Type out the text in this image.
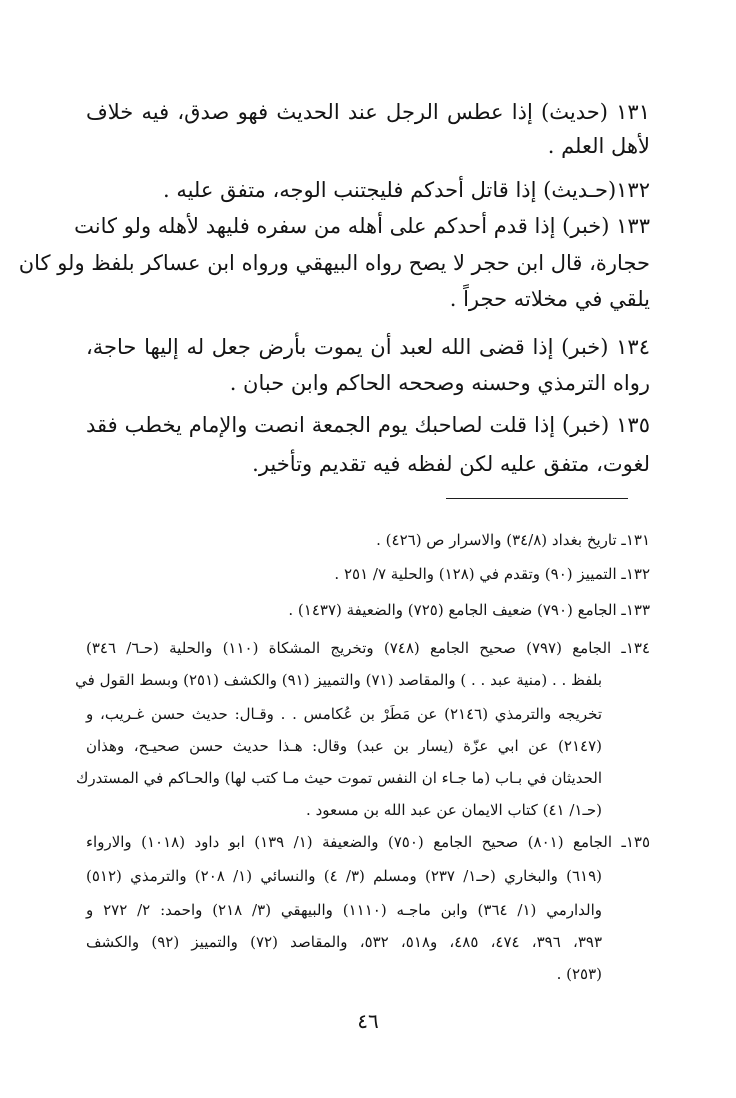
١٣١ (حديث) إذا عطس الرجل عند الحديث فهو صدق، فيه خلاف
لأهل العلم .
١٣٢(حـديث) إذا قاتل أحدكم فليجتنب الوجه، متفق عليه .
١٣٣ (خبر) إذا قدم أحدكم على أهله من سفره فليهد لأهله ولو كانت
حجارة، قال ابن حجر لا يصح رواه البيهقي ورواه ابن عساكر بلفظ ولو كان
يلقي في مخلاته حجراً .
١٣٤ (خبر) إذا قضى الله لعبد أن يموت بأرض جعل له إليها حاجة،
رواه الترمذي وحسنه وصححه الحاكم وابن حبان .
١٣٥ (خبر) إذا قلت لصاحبك يوم الجمعة انصت والإمام يخطب فقد
لغوت، متفق عليه لكن لفظه فيه تقديم وتأخير.
١٣١ـ تاريخ بغداد (٣٤/٨) والاسرار ص (٤٢٦) .
١٣٢ـ التمييز (٩٠) وتقدم في (١٢٨) والحلية ٧/ ٢٥١ .
١٣٣ـ الجامع (٧٩٠) ضعيف الجامع (٧٢٥) والضعيفة (١٤٣٧) .
١٣٤ـ الجامع (٧٩٧) صحيح الجامع (٧٤٨) وتخريج المشكاة (١١٠) والحلية (حـ٦/ ٣٤٦)
بلفظ . . (منية عبد . . ) والمقاصد (٧١) والتمييز (٩١) والكشف (٢٥١) وبسط القول في
تخريجه والترمذي (٢١٤٦) عن مَطَرْ بن عُكامس . . وقـال: حديث حسن غـريب، و
(٢١٤٧) عن ابي عزّة (يسار بن عبد) وقال: هـذا حديث حسن صحيـح، وهذان
الحديثان في بـاب (ما جـاء ان النفس تموت حيث مـا كتب لها) والحـاكم في المستدرك
(حـ١/ ٤١) كتاب الايمان عن عبد الله بن مسعود .
١٣٥ـ الجامع (٨٠١) صحيح الجامع (٧٥٠) والضعيفة (١/ ١٣٩) ابو داود (١٠١٨) والارواء
(٦١٩) والبخاري (حـ١/ ٢٣٧) ومسلم (٣/ ٤) والنسائي (١/ ٢٠٨) والترمذي (٥١٢)
والدارمي (١/ ٣٦٤) وابن ماجـه (١١١٠) والبيهقي (٣/ ٢١٨) واحمد: ٢/ ٢٧٢ و
٣٩٣، ٣٩٦، ٤٧٤، ٤٨٥، و٥١٨، ٥٣٢، والمقاصد (٧٢) والتمييز (٩٢) والكشف
(٢٥٣) .
٤٦
